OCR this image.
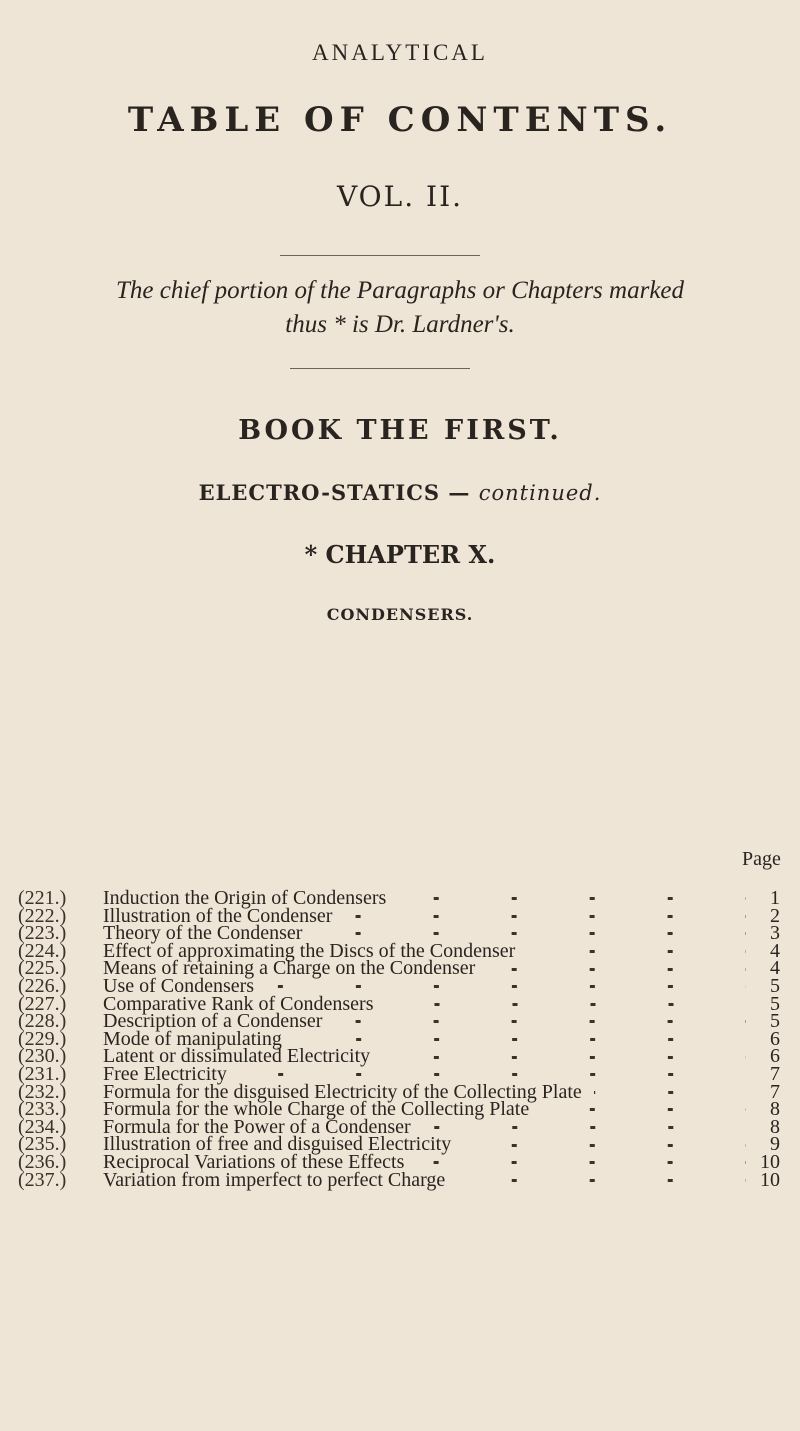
ANALYTICAL
TABLE OF CONTENTS.
VOL. II.
The chief portion of the Paragraphs or Chapters marked
thus * is Dr. Lardner's.
BOOK THE FIRST.
ELECTRO-STATICS — continued.
* CHAPTER X.
CONDENSERS.
Page
(221.)	Induction the Origin of Condensers	1
(222.)	Illustration of the Condenser	2
(223.)	Theory of the Condenser	3
(224.)	Effect of approximating the Discs of the Condenser	4
(225.)	Means of retaining a Charge on the Condenser	4
(226.)	Use of Condensers	5
(227.)	Comparative Rank of Condensers	5
(228.)	Description of a Condenser	5
(229.)	Mode of manipulating	6
(230.)	Latent or dissimulated Electricity	6
(231.)	Free Electricity	7
(232.)	Formula for the disguised Electricity of the Collecting Plate	7
(233.)	Formula for the whole Charge of the Collecting Plate	8
(234.)	Formula for the Power of a Condenser	8
(235.)	Illustration of free and disguised Electricity	9
(236.)	Reciprocal Variations of these Effects	10
(237.)	Variation from imperfect to perfect Charge	10
